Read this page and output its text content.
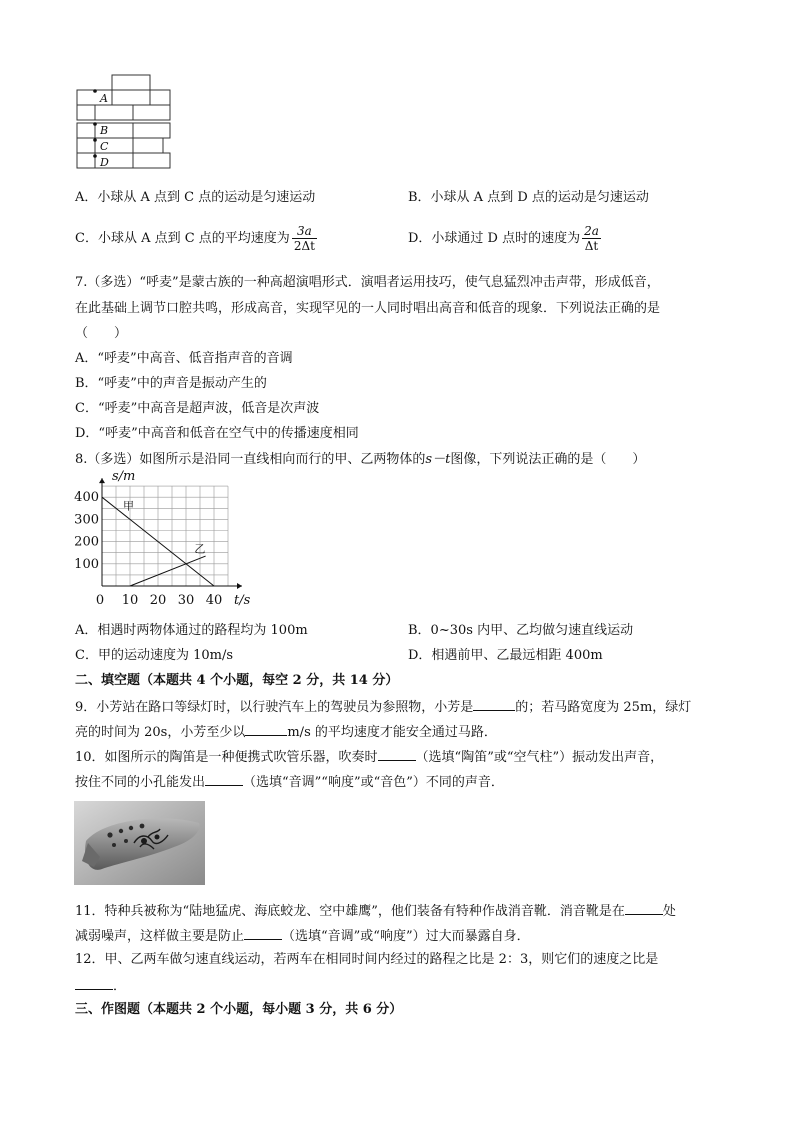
A
B
C
D
A．小球从 A 点到 C 点的运动是匀速运动	B．小球从 A 点到 D 点的运动是匀速运动
C．小球从 A 点到 C 点的平均速度为 $\frac{3a}{2\Delta t}$	D．小球通过 D 点时的速度为 $\frac{2a}{\Delta t}$
7.（多选）“呼麦”是蒙古族的一种高超演唱形式．演唱者运用技巧，使气息猛烈冲击声带，形成低音，
在此基础上调节口腔共鸣，形成高音，实现罕见的一人同时唱出高音和低音的现象．下列说法正确的是
（　　）
A．“呼麦”中高音、低音指声音的音调
B．“呼麦”中的声音是振动产生的
C．“呼麦”中高音是超声波，低音是次声波
D．“呼麦”中高音和低音在空气中的传播速度相同
8.（多选）如图所示是沿同一直线相向而行的甲、乙两物体的s－t图像，下列说法正确的是（　　）
100
200
300
400
0 10 20 30 40
s/m
t/s
甲
乙
A．相遇时两物体通过的路程均为 100m	B．0~30s 内甲、乙均做匀速直线运动
C．甲的运动速度为 10m/s	D．相遇前甲、乙最远相距 400m
二、填空题（本题共 4 个小题，每空 2 分，共 14 分）
9．小芳站在路口等绿灯时，以行驶汽车上的驾驶员为参照物，小芳是	的；若马路宽度为 25m，绿灯
亮的时间为 20s，小芳至少以	m/s 的平均速度才能安全通过马路．
10．如图所示的陶笛是一种便携式吹管乐器，吹奏时	（选填“陶笛”或“空气柱”）振动发出声音，
按住不同的小孔能发出	（选填“音调”“响度”或“音色”）不同的声音．
11．特种兵被称为“陆地猛虎、海底蛟龙、空中雄鹰”，他们装备有特种作战消音靴．消音靴是在	处
减弱噪声，这样做主要是防止	（选填“音调”或“响度”）过大而暴露自身．
12．甲、乙两车做匀速直线运动，若两车在相同时间内经过的路程之比是 2：3，则它们的速度之比是
．
三、作图题（本题共 2 个小题，每小题 3 分，共 6 分）
